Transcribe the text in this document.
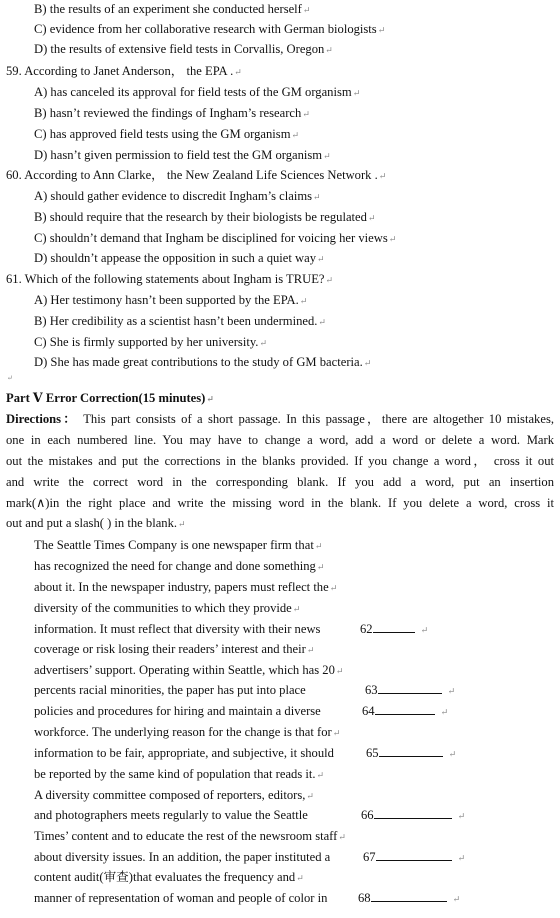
B) the results of an experiment she conducted herself↵
C) evidence from her collaborative research with German biologists↵
D) the results of extensive field tests in Corvallis, Oregon↵
59. According to Janet Anderson， the EPA .↵
A) has canceled its approval for field tests of the GM organism↵
B) hasn’t reviewed the findings of Ingham’s research↵
C) has approved field tests using the GM organism↵
D) hasn’t given permission to field test the GM organism↵
60. According to Ann Clarke， the New Zealand Life Sciences Network .↵
A) should gather evidence to discredit Ingham’s claims↵
B) should require that the research by their biologists be regulated↵
C) shouldn’t demand that Ingham be disciplined for voicing her views↵
D) shouldn’t appease the opposition in such a quiet way↵
61. Which of the following statements about Ingham is TRUE?↵
A) Her testimony hasn’t been supported by the EPA.↵
B) Her credibility as a scientist hasn’t been undermined.↵
C) She is firmly supported by her university.↵
D) She has made great contributions to the study of GM bacteria.↵
↵
Part Ⅴ Error Correction(15 minutes)↵
Directions： This part consists of a short passage. In this passage，there are altogether 10 mistakes,
one in each numbered line. You may have to change a word, add a word or delete a word. Mark
out the mistakes and put the corrections in the blanks provided. If you change a word， cross it out
and write the correct word in the corresponding blank. If you add a word, put an insertion
mark(∧)in the right place and write the missing word in the blank. If you delete a word, cross it
out and put a slash( ) in the blank.↵
The Seattle Times Company is one newspaper firm that↵
has recognized the need for change and done something↵
about it. In the newspaper industry, papers must reflect the↵
diversity of the communities to which they provide↵
information. It must reflect that diversity with their news	62	↵
coverage or risk losing their readers’ interest and their↵
advertisers’ support. Operating within Seattle, which has 20↵
percents racial minorities, the paper has put into place	63	↵
policies and procedures for hiring and maintain a diverse	64	↵
workforce. The underlying reason for the change is that for↵
information to be fair, appropriate, and subjective, it should	65	↵
be reported by the same kind of population that reads it.↵
A diversity committee composed of reporters, editors,↵
and photographers meets regularly to value the Seattle	66	↵
Times’ content and to educate the rest of the newsroom staff↵
about diversity issues. In an addition, the paper instituted a	67	↵
content audit(审查)that evaluates the frequency and↵
manner of representation of woman and people of color in 68	↵
